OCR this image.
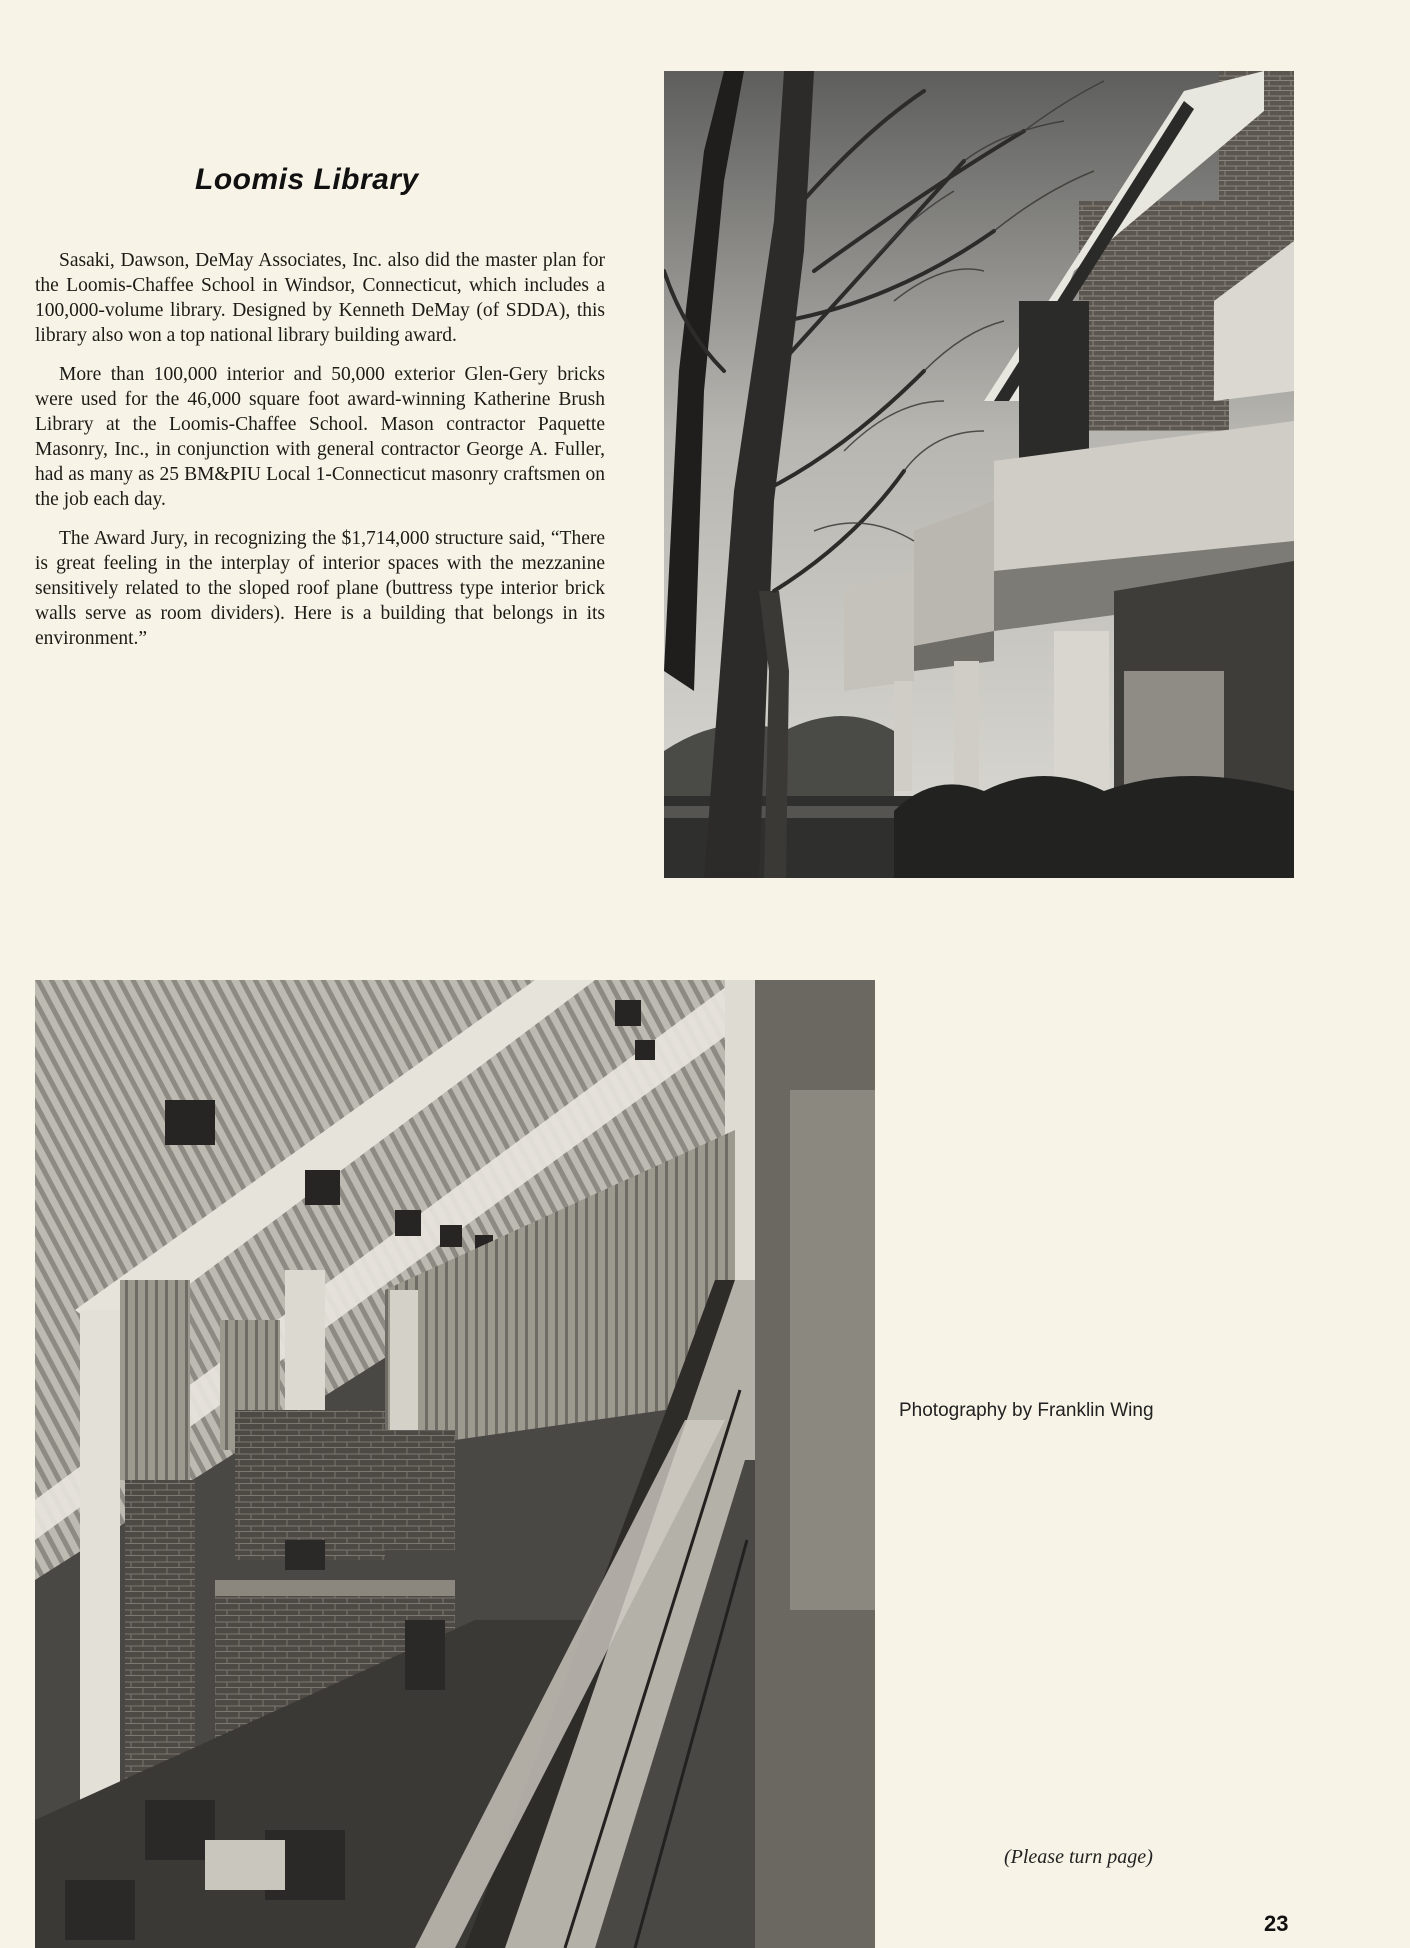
Loomis Library

Sasaki, Dawson, DeMay Associates, Inc. also did the master plan for the Loomis-Chaffee School in Windsor, Connecticut, which includes a 100,000-volume library. Designed by Kenneth DeMay (of SDDA), this library also won a top national library building award.

More than 100,000 interior and 50,000 exterior Glen-Gery bricks were used for the 46,000 square foot award-winning Katherine Brush Library at the Loomis-Chaffee School. Mason contractor Paquette Masonry, Inc., in conjunction with general contractor George A. Fuller, had as many as 25 BM&PIU Local 1-Connecticut masonry craftsmen on the job each day.

The Award Jury, in recognizing the $1,714,000 structure said, “There is great feeling in the interplay of interior spaces with the mezzanine sensitively related to the sloped roof plane (buttress type interior brick walls serve as room dividers). Here is a building that belongs in its environment.”

Photography by Franklin Wing

(Please turn page)

23
